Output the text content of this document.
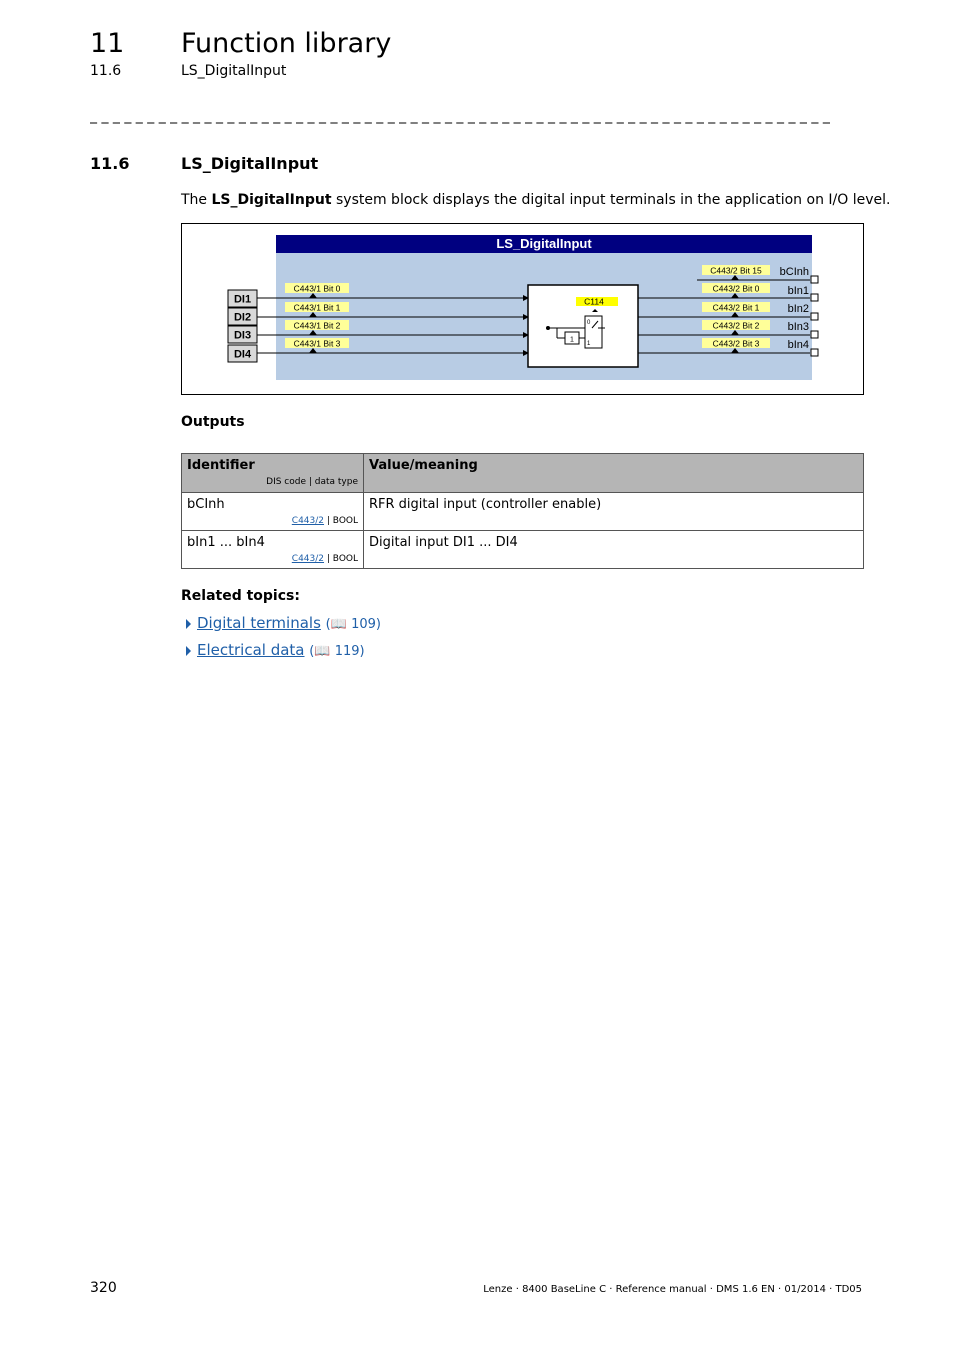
11 Function library
11.6	LS_DigitalInput
_ _ _ _ _ _ _ _ _ _ _ _ _ _ _ _ _ _ _ _ _ _ _ _ _ _ _ _ _ _ _ _ _ _ _ _ _ _ _ _ _ _ _ _ _ _ _ _ _ _ _ _ _ _ _ _ _ _ _ _ _ _ _ _ _
11.6	LS_DigitalInput
The LS_DigitalInput system block displays the digital input terminals in the application on I/O level.
LS_DigitalInput
DI1
DI2
DI3
DI4
C443/1 Bit 0
C443/1 Bit 1
C443/1 Bit 2
C443/1 Bit 3
C114
1
0
1
C443/2 Bit 15
C443/2 Bit 0
C443/2 Bit 1
C443/2 Bit 2
C443/2 Bit 3
bCInh
bIn1
bIn2
bIn3
bIn4
Outputs
Identifier
DIS code | data type	Value/meaning
bCInh
C443/2 | BOOL	RFR digital input (controller enable)
bIn1 ... bIn4
C443/2 | BOOL	Digital input DI1 ... DI4
Related topics:
Digital terminals (📖 109)
Electrical data (📖 119)
320	Lenze · 8400 BaseLine C · Reference manual · DMS 1.6 EN · 01/2014 · TD05
